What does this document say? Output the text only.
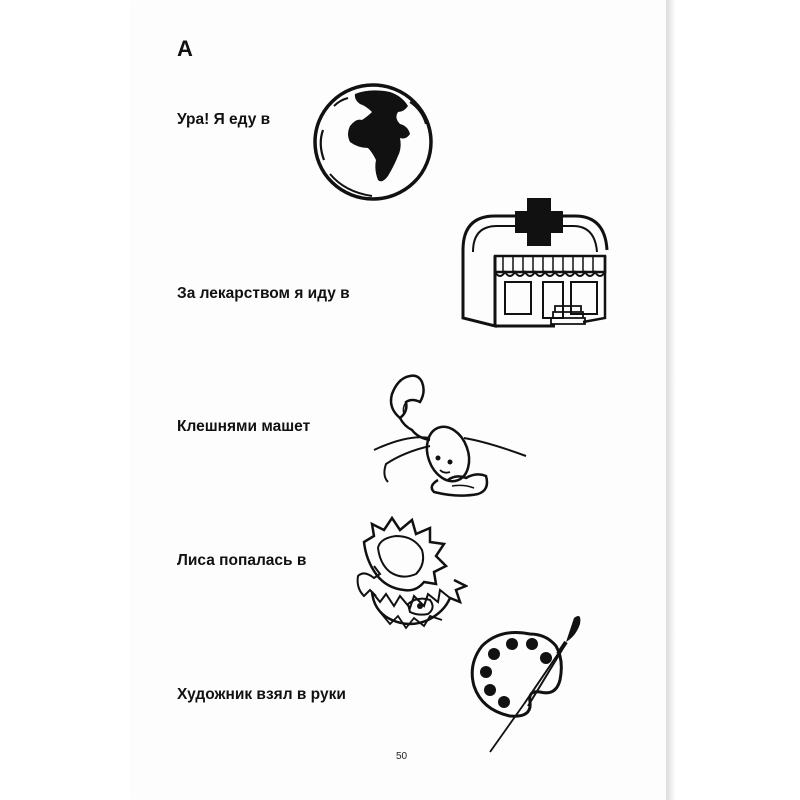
А
Ура! Я еду в
За лекарством я иду в
Клешнями машет
Лиса попалась в
Художник взял в руки
50
